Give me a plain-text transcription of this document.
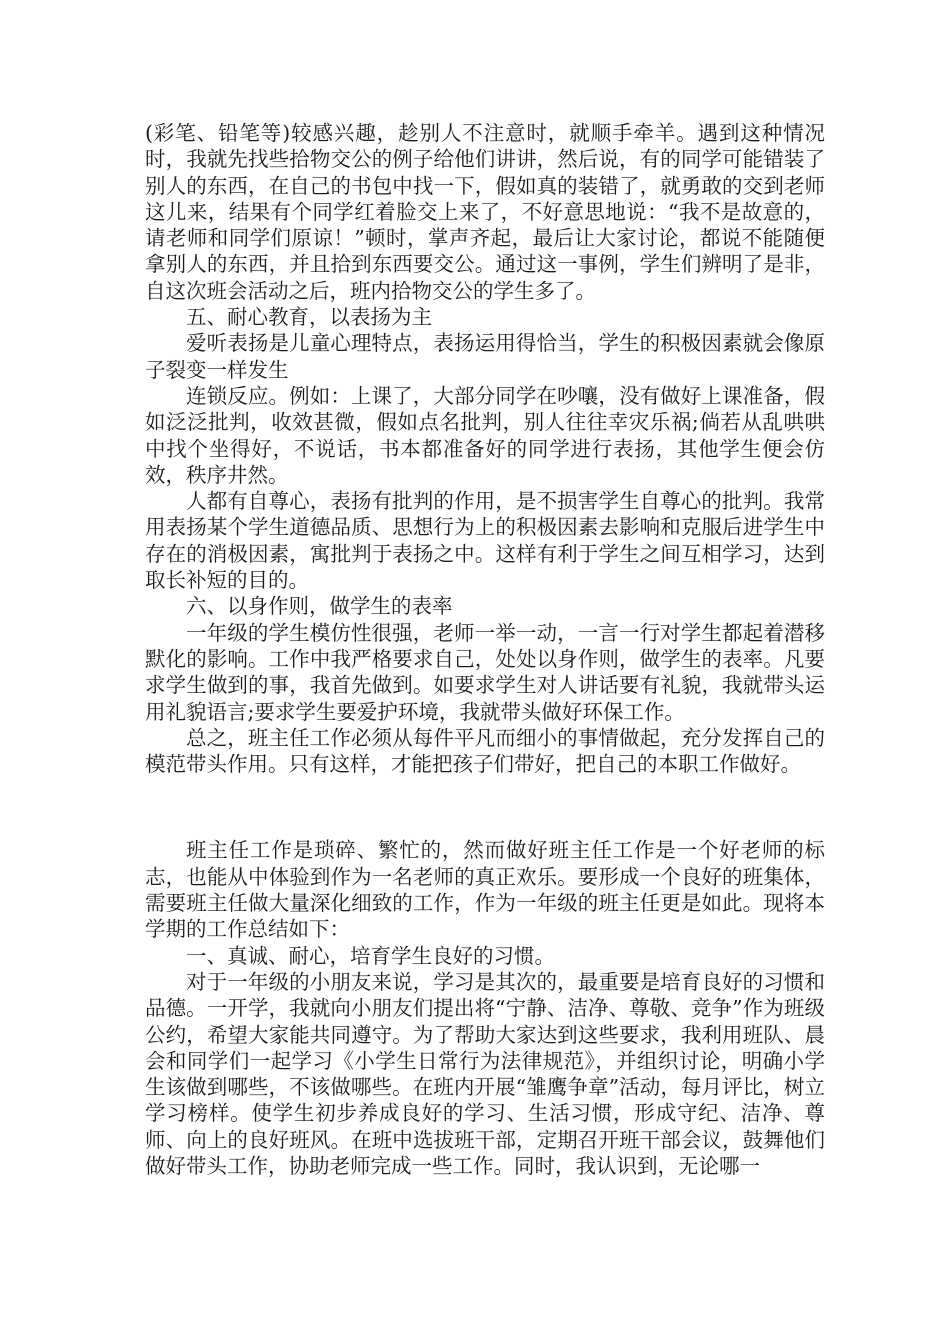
(彩笔、铅笔等)较感兴趣，趁别人不注意时，就顺手牵羊。遇到这种情况时，我就先找些拾物交公的例子给他们讲讲，然后说，有的同学可能错装了别人的东西，在自己的书包中找一下，假如真的装错了，就勇敢的交到老师这儿来，结果有个同学红着脸交上来了，不好意思地说：“我不是故意的，请老师和同学们原谅！”顿时，掌声齐起，最后让大家讨论，都说不能随便拿别人的东西，并且拾到东西要交公。通过这一事例，学生们辨明了是非，自这次班会活动之后，班内拾物交公的学生多了。

五、耐心教育，以表扬为主

爱听表扬是儿童心理特点，表扬运用得恰当，学生的积极因素就会像原子裂变一样发生

连锁反应。例如：上课了，大部分同学在吵嚷，没有做好上课准备，假如泛泛批判，收效甚微，假如点名批判，别人往往幸灾乐祸;倘若从乱哄哄中找个坐得好，不说话，书本都准备好的同学进行表扬，其他学生便会仿效，秩序井然。

人都有自尊心，表扬有批判的作用，是不损害学生自尊心的批判。我常用表扬某个学生道德品质、思想行为上的积极因素去影响和克服后进学生中存在的消极因素，寓批判于表扬之中。这样有利于学生之间互相学习，达到取长补短的目的。

六、以身作则，做学生的表率

一年级的学生模仿性很强，老师一举一动，一言一行对学生都起着潜移默化的影响。工作中我严格要求自己，处处以身作则，做学生的表率。凡要求学生做到的事，我首先做到。如要求学生对人讲话要有礼貌，我就带头运用礼貌语言;要求学生要爱护环境，我就带头做好环保工作。

总之，班主任工作必须从每件平凡而细小的事情做起，充分发挥自己的模范带头作用。只有这样，才能把孩子们带好，把自己的本职工作做好。

班主任工作是琐碎、繁忙的，然而做好班主任工作是一个好老师的标志，也能从中体验到作为一名老师的真正欢乐。要形成一个良好的班集体，需要班主任做大量深化细致的工作，作为一年级的班主任更是如此。现将本学期的工作总结如下：

一、真诚、耐心，培育学生良好的习惯。

对于一年级的小朋友来说，学习是其次的，最重要是培育良好的习惯和品德。一开学，我就向小朋友们提出将“宁静、洁净、尊敬、竞争”作为班级公约，希望大家能共同遵守。为了帮助大家达到这些要求，我利用班队、晨会和同学们一起学习《小学生日常行为法律规范》，并组织讨论，明确小学生该做到哪些，不该做哪些。在班内开展“雏鹰争章”活动，每月评比，树立学习榜样。使学生初步养成良好的学习、生活习惯，形成守纪、洁净、尊师、向上的良好班风。在班中选拔班干部，定期召开班干部会议，鼓舞他们做好带头工作，协助老师完成一些工作。同时，我认识到，无论哪一
